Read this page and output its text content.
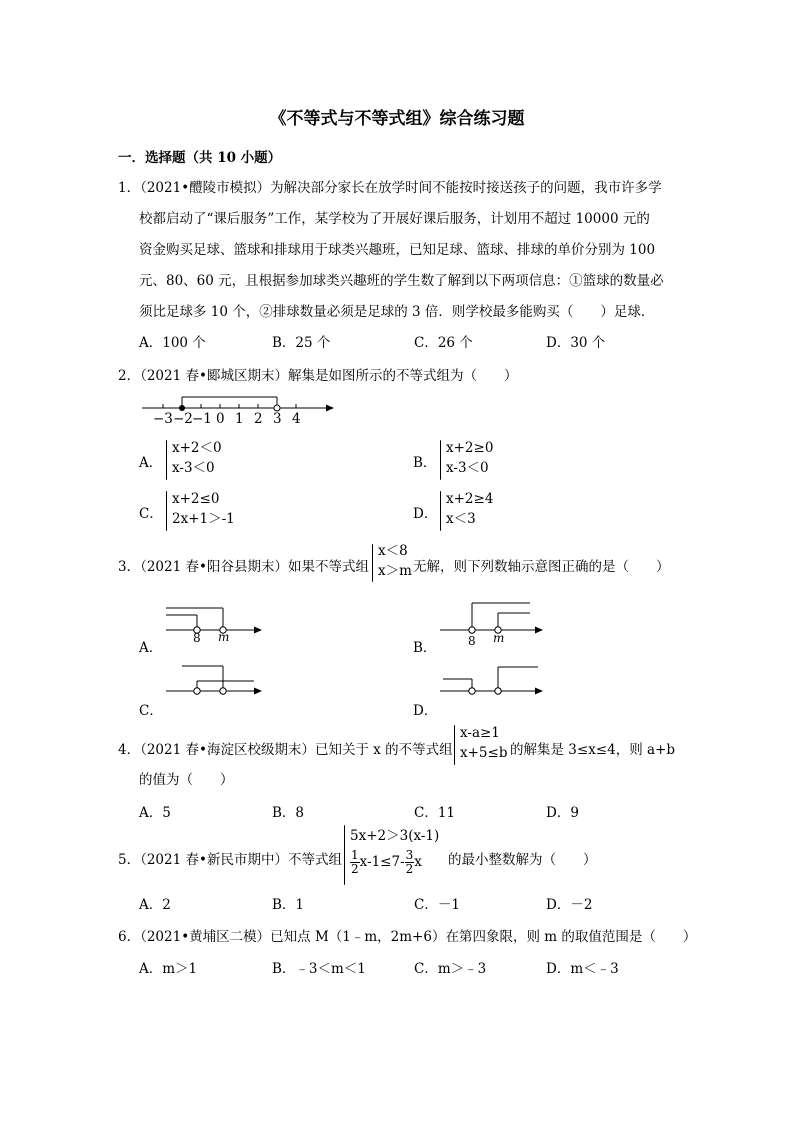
《不等式与不等式组》综合练习题
一．选择题（共 10 小题）
1．（2021•醴陵市模拟）为解决部分家长在放学时间不能按时接送孩子的问题，我市许多学
校都启动了“课后服务”工作，某学校为了开展好课后服务，计划用不超过 10000 元的
资金购买足球、篮球和排球用于球类兴趣班，已知足球、篮球、排球的单价分别为 100
元、80、60 元，且根据参加球类兴趣班的学生数了解到以下两项信息：①篮球的数量必
须比足球多 10 个，②排球数量必须是足球的 3 倍．则学校最多能购买（　　）足球．
A．100 个	B．25 个	C．26 个	D．30 个
2．（2021 春•郾城区期末）解集是如图所示的不等式组为（　　）
−3 −2 −1 0 1 2 3 4
A．
x+2＜0
x-3＜0	B．
x+2≥0
x-3＜0
C．
x+2≤0
2x+1＞-1	D．
x+2≥4
x＜3
3．（2021 春•阳谷县期末）如果不等式组
x＜8
x＞m 无解，则下列数轴示意图正确的是（　　）
8 m	8 m
A．	B．
C．	D．
4．（2021 春•海淀区校级期末）已知关于 x 的不等式组
x-a≥1
x+5≤b 的解集是 3≤x≤4，则 a+b
的值为（　　）
A．5	B．8	C．11	D．9
5．（2021 春•新民市期中）不等式组
5x+2＞3(x-1)
$\frac{1}{2} x-1\le 7- \frac{3}{2}$ x 的最小整数解为（　　）
A．2	B．1	C．－1	D．－2
6．（2021•黄埔区二模）已知点 M（1﹣m，2m+6）在第四象限，则 m 的取值范围是（　　）
A．m＞1	B．﹣3＜m＜1	C．m＞﹣3	D．m＜﹣3
